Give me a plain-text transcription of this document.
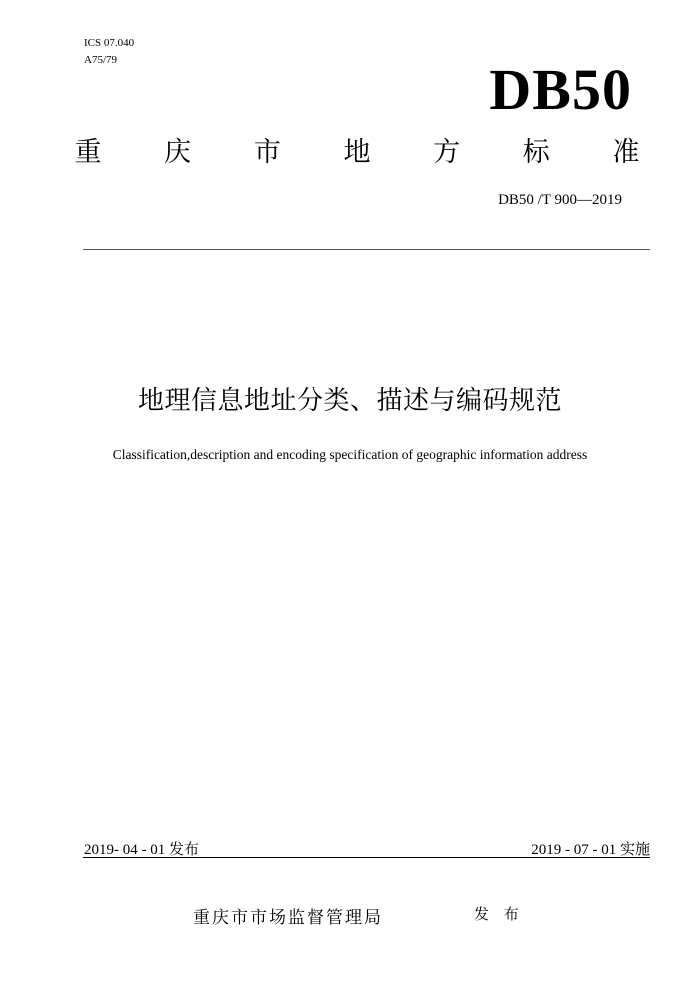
ICS 07.040
A75/79	DB50
重 庆 市 地 方 标 准
DB50 /T 900—2019
地理信息地址分类、描述与编码规范
Classification,description and encoding specification of geographic information address
2019- 04 - 01 发布	2019 - 07 - 01 实施
重庆市市场监督管理局	发 布
